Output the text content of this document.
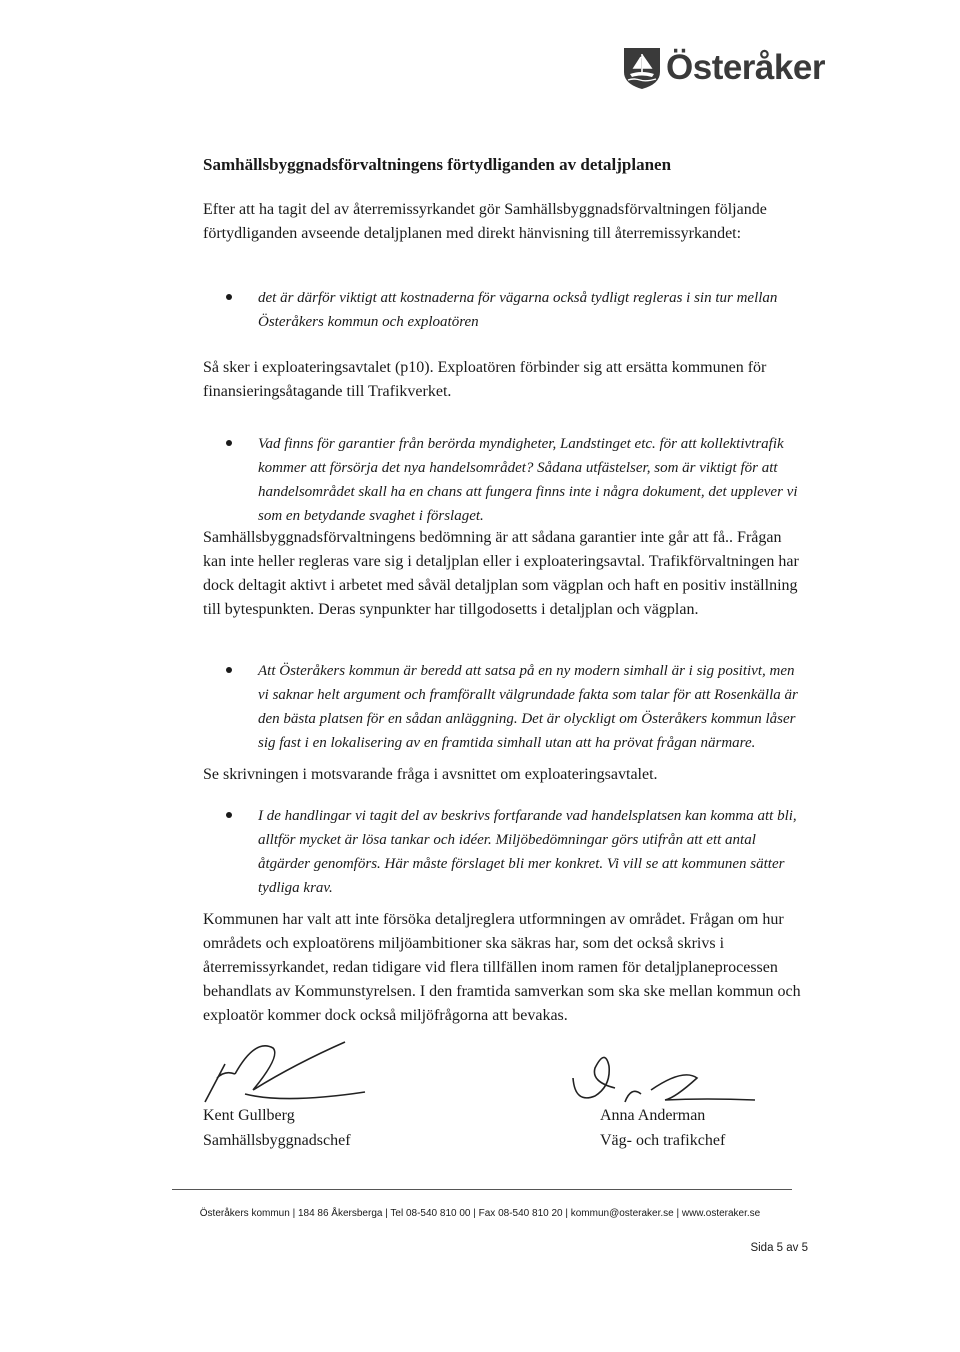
Österåker
Samhällsbyggnadsförvaltningens förtydliganden av detaljplanen

Efter att ha tagit del av återremissyrkandet gör Samhällsbyggnadsförvaltningen följande förtydliganden avseende detaljplanen med direkt hänvisning till återremissyrkandet:

det är därför viktigt att kostnaderna för vägarna också tydligt regleras i sin tur mellan Österåkers kommun och exploatören

Så sker i exploateringsavtalet (p10). Exploatören förbinder sig att ersätta kommunen för finansieringsåtagande till Trafikverket.

Vad finns för garantier från berörda myndigheter, Landstinget etc. för att kollektivtrafik kommer att försörja det nya handelsområdet? Sådana utfästelser, som är viktigt för att handelsområdet skall ha en chans att fungera finns inte i några dokument, det upplever vi som en betydande svaghet i förslaget.

Samhällsbyggnadsförvaltningens bedömning är att sådana garantier inte går att få.. Frågan kan inte heller regleras vare sig i detaljplan eller i exploateringsavtal. Trafikförvaltningen har dock deltagit aktivt i arbetet med såväl detaljplan som vägplan och haft en positiv inställning till bytespunkten. Deras synpunkter har tillgodosetts i detaljplan och vägplan.

Att Österåkers kommun är beredd att satsa på en ny modern simhall är i sig positivt, men vi saknar helt argument och framförallt välgrundade fakta som talar för att Rosenkälla är den bästa platsen för en sådan anläggning. Det är olyckligt om Österåkers kommun låser sig fast i en lokalisering av en framtida simhall utan att ha prövat frågan närmare.

Se skrivningen i motsvarande fråga i avsnittet om exploateringsavtalet.

I de handlingar vi tagit del av beskrivs fortfarande vad handelsplatsen kan komma att bli, alltför mycket är lösa tankar och idéer. Miljöbedömningar görs utifrån att ett antal åtgärder genomförs. Här måste förslaget bli mer konkret. Vi vill se att kommunen sätter tydliga krav.

Kommunen har valt att inte försöka detaljreglera utformningen av området. Frågan om hur områdets och exploatörens miljöambitioner ska säkras har, som det också skrivs i återremissyrkandet, redan tidigare vid flera tillfällen inom ramen för detaljplaneprocessen behandlats av Kommunstyrelsen. I den framtida samverkan som ska ske mellan kommun och exploatör kommer dock också miljöfrågorna att bevakas.

Kent Gullberg

Samhällsbyggnadschef

Anna Anderman

Väg- och trafikchef

Österåkers kommun | 184 86 Åkersberga | Tel 08-540 810 00 | Fax 08-540 810 20 | kommun@osteraker.se | www.osteraker.se

Sida 5 av 5
